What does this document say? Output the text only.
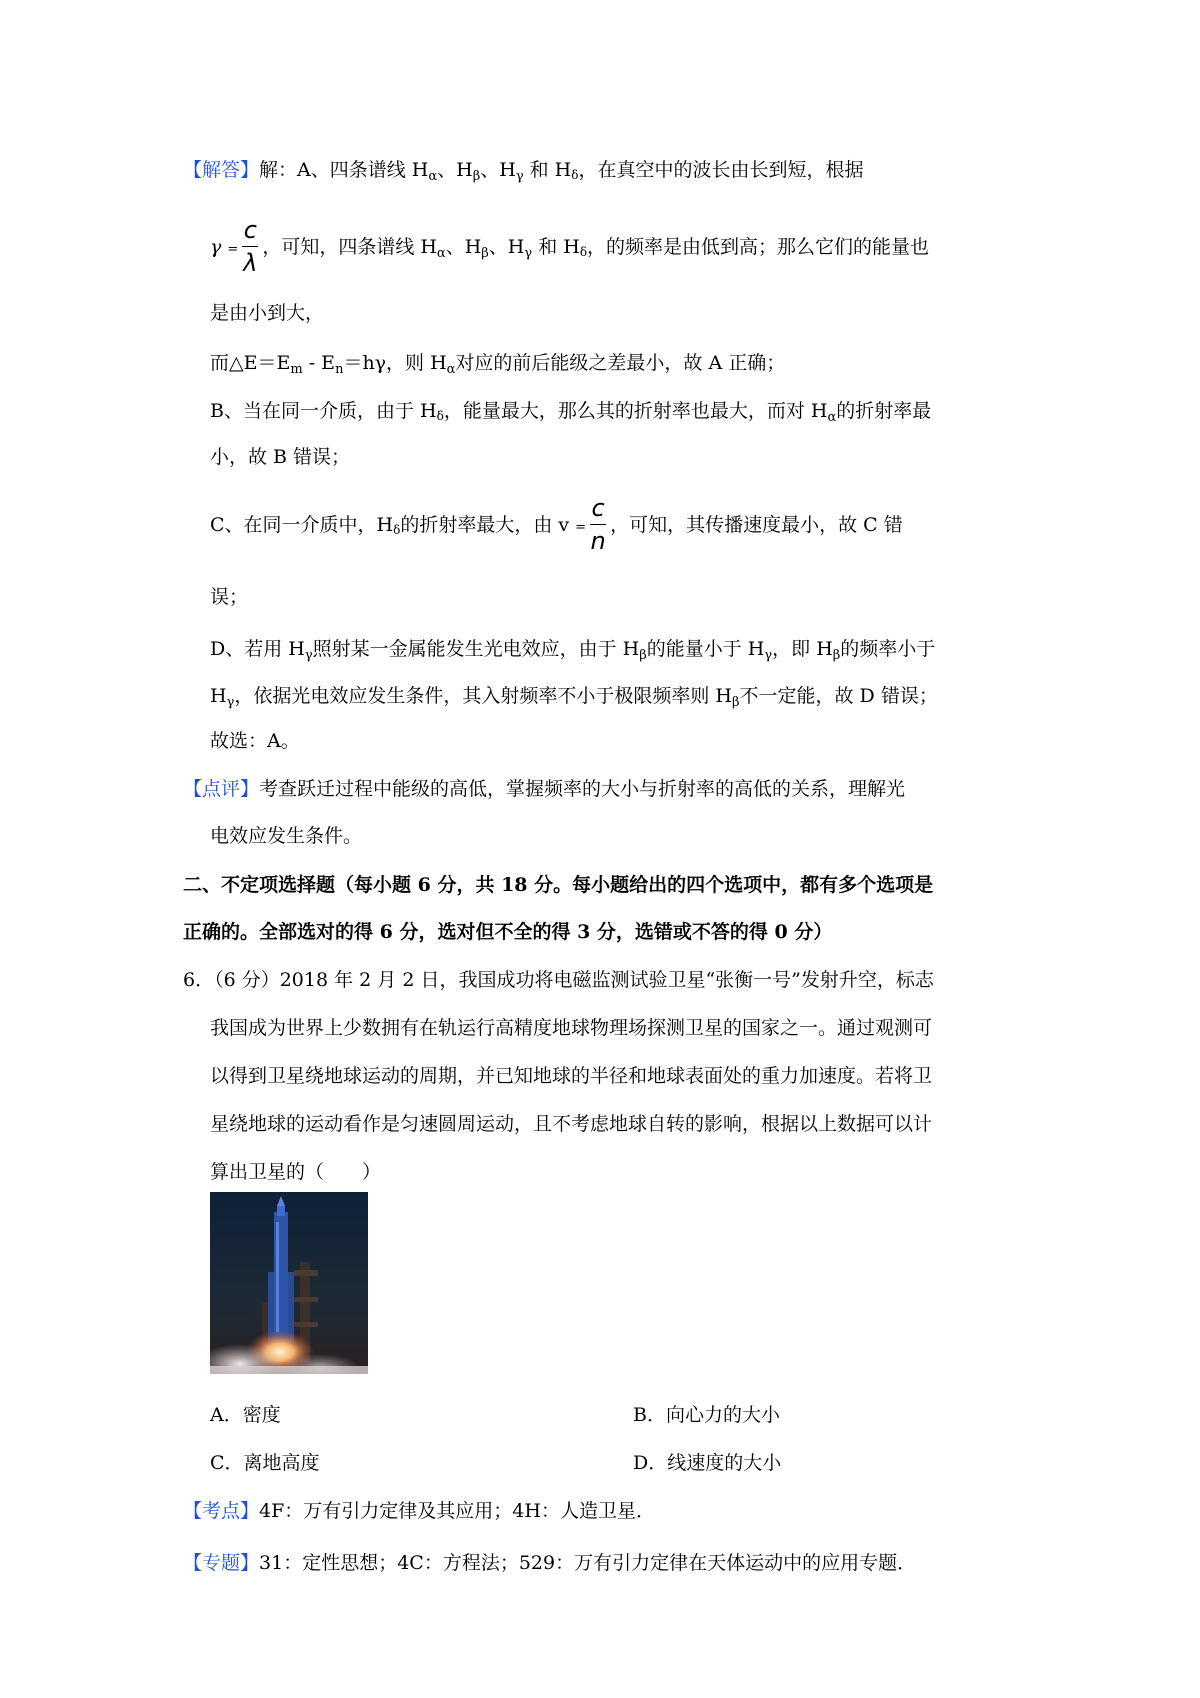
【解答】解：A、四条谱线 $H_\alpha$、$H_\beta$、$H_\gamma$ 和 $H_\delta$，在真空中的波长由长到短，根据
$\gamma = \frac{c}{\lambda}$ ，可知，四条谱线 $H_\alpha$、$H_\beta$、$H_\gamma$ 和 $H_\delta$，的频率是由低到高；那么它们的能量也
是由小到大，
而$\triangle E=E_m - E_n=h\gamma$，则 $H_\alpha$对应的前后能级之差最小，故 A 正确；
B、当在同一介质，由于 $H_\delta$，能量最大，那么其的折射率也最大，而对 $H_\alpha$的折射率最
小，故 B 错误；
C、在同一介质中，$H_\delta$的折射率最大，由 $v = \frac{c}{n}$ ，可知，其传播速度最小，故 C 错
误；
D、若用 $H_\gamma$照射某一金属能发生光电效应，由于 $H_\beta$的能量小于 $H_\gamma$，即 $H_\beta$的频率小于
$H_\gamma$，依据光电效应发生条件，其入射频率不小于极限频率则 $H_\beta$不一定能，故 D 错误；
故选：A。
【点评】考查跃迁过程中能级的高低，掌握频率的大小与折射率的高低的关系，理解光
电效应发生条件。
二、不定项选择题（每小题 6 分，共 18 分。每小题给出的四个选项中，都有多个选项是
正确的。全部选对的得 6 分，选对但不全的得 3 分，选错或不答的得 0 分）
6．（6 分）2018 年 2 月 2 日，我国成功将电磁监测试验卫星“张衡一号”发射升空，标志
我国成为世界上少数拥有在轨运行高精度地球物理场探测卫星的国家之一。通过观测可
以得到卫星绕地球运动的周期，并已知地球的半径和地球表面处的重力加速度。若将卫
星绕地球的运动看作是匀速圆周运动，且不考虑地球自转的影响，根据以上数据可以计
算出卫星的（　　）
A．密度	B．向心力的大小
C．离地高度	D．线速度的大小
【考点】4F：万有引力定律及其应用；4H：人造卫星．
【专题】31：定性思想；4C：方程法；529：万有引力定律在天体运动中的应用专题．
